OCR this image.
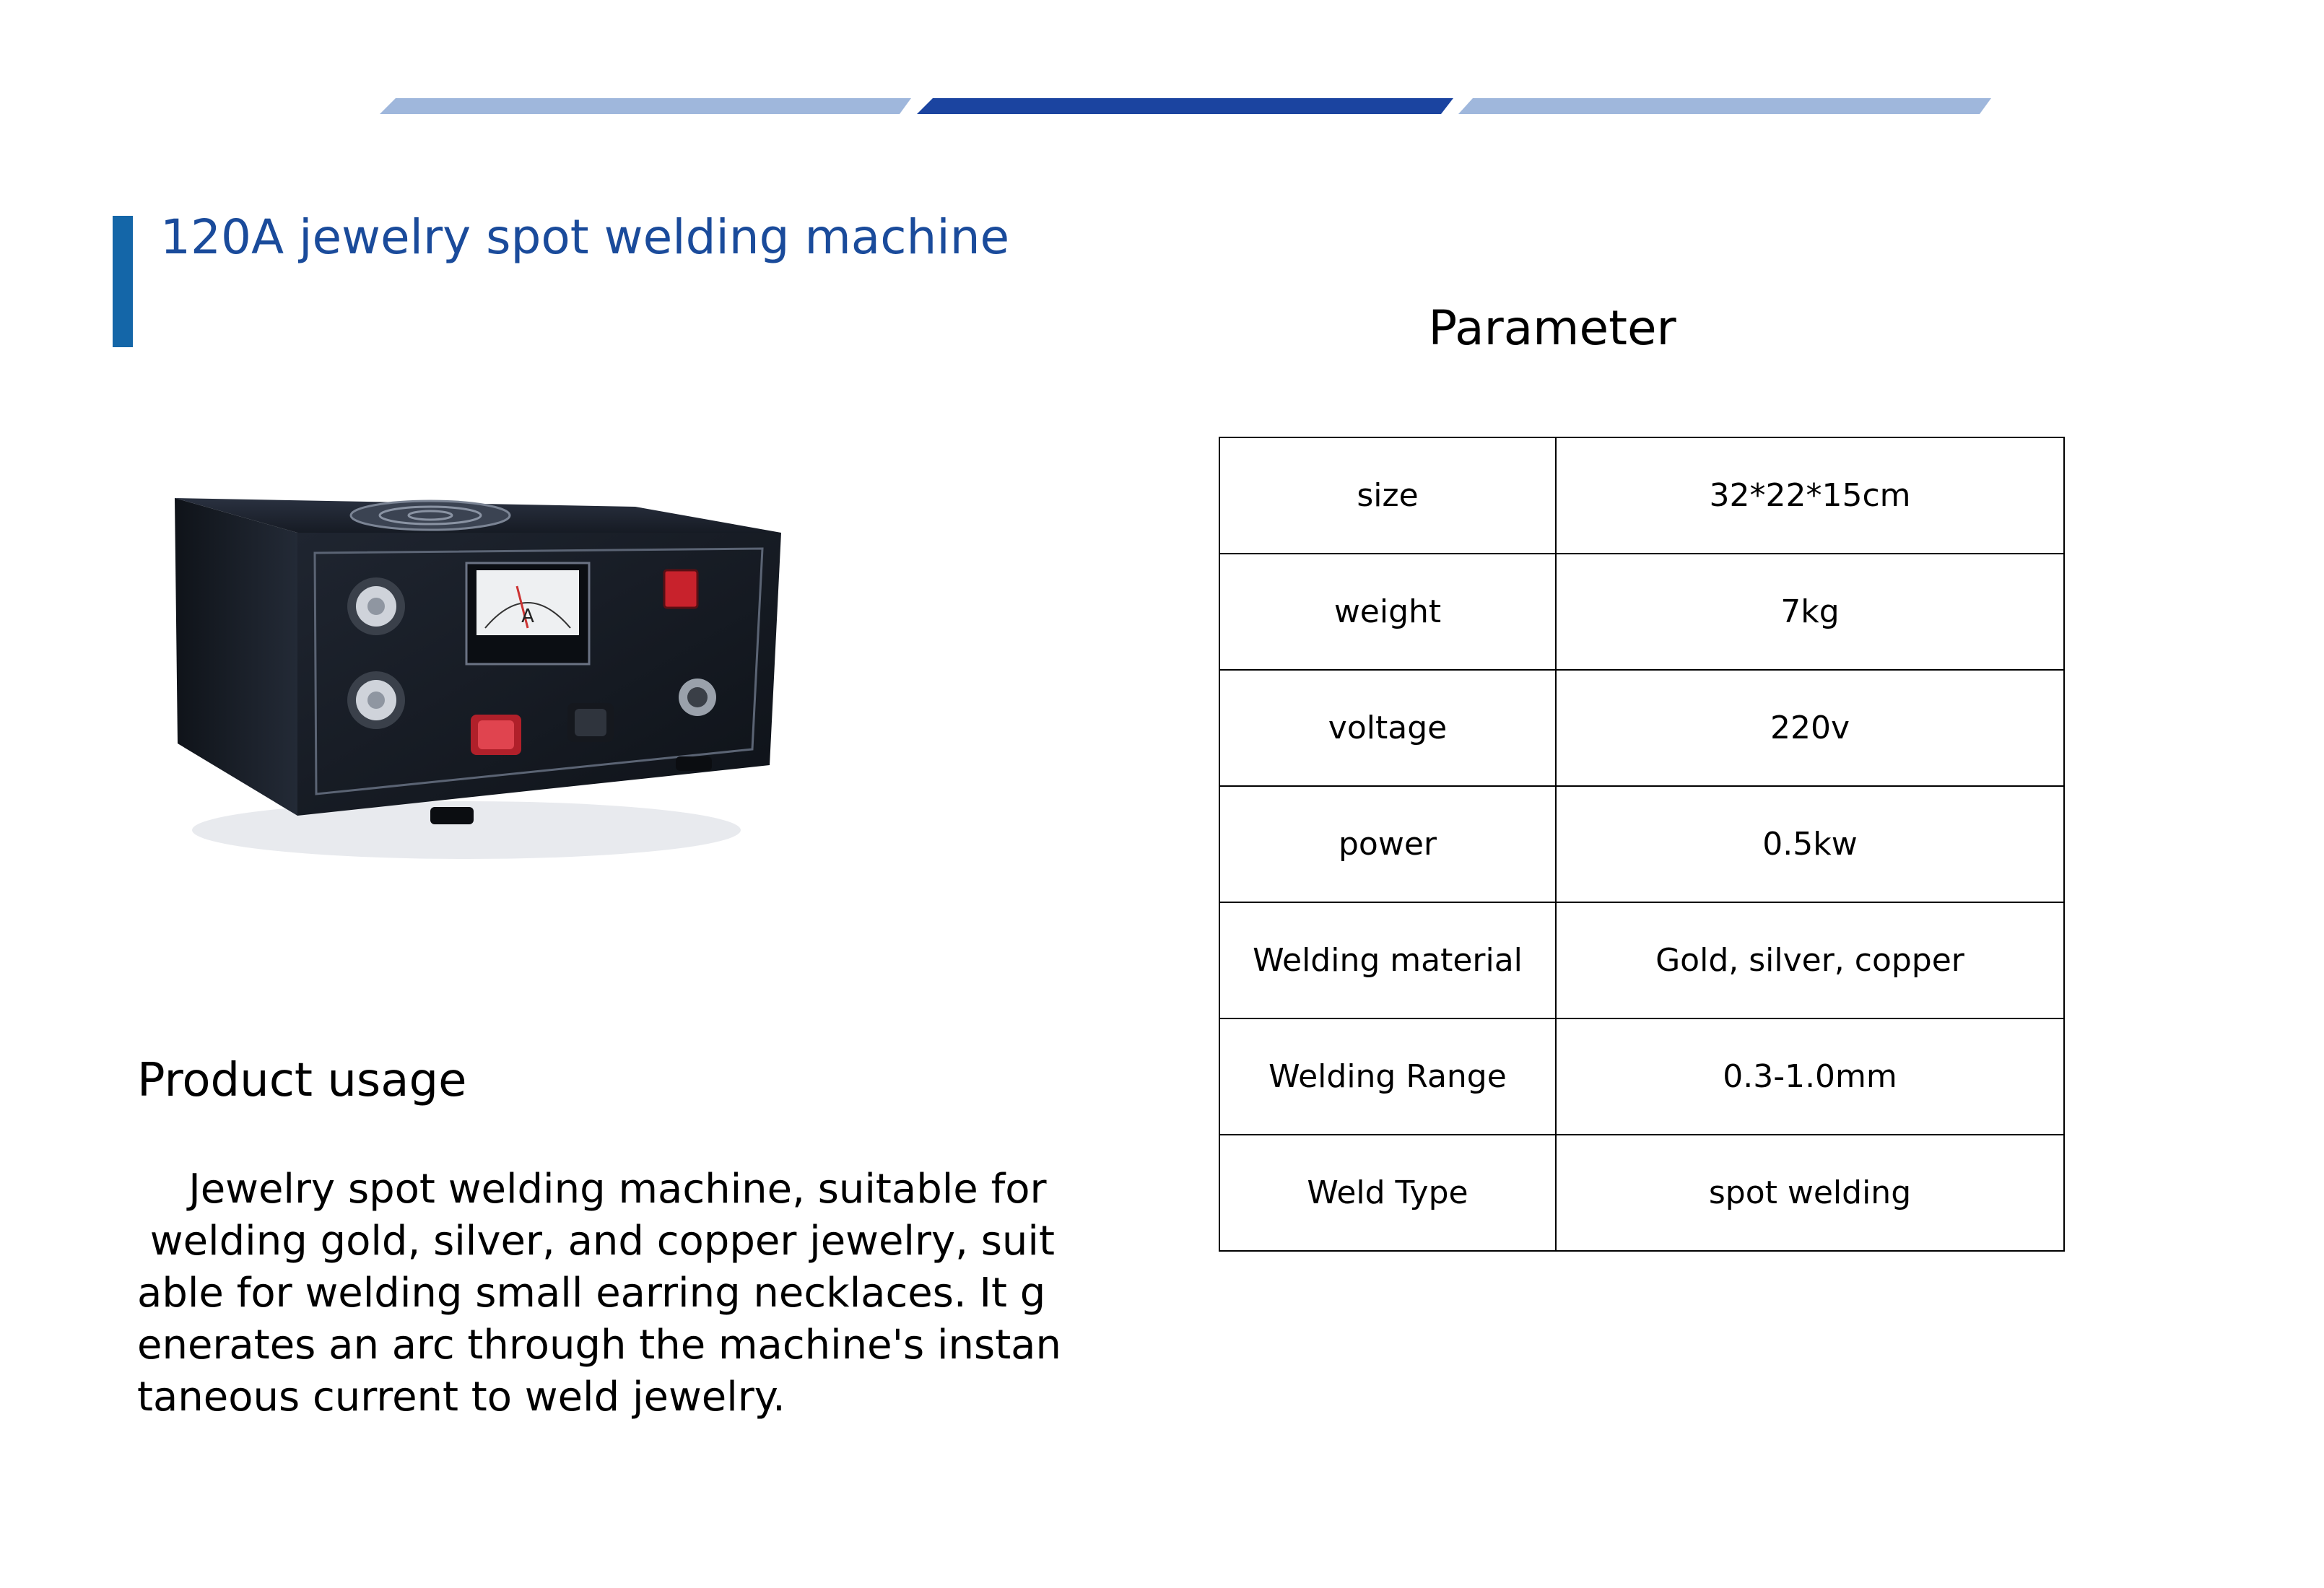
120A jewelry spot welding machine
A
Product usage

Jewelry spot welding machine, suitable for
welding gold, silver, and copper jewelry, suit
able for welding small earring necklaces. It g
enerates an arc through the machine's instan
taneous current to weld jewelry.

Parameter
size	32*22*15cm
weight	7kg
voltage	220v
power	0.5kw
Welding material	Gold, silver, copper
Welding Range	0.3-1.0mm
Weld Type	spot welding
